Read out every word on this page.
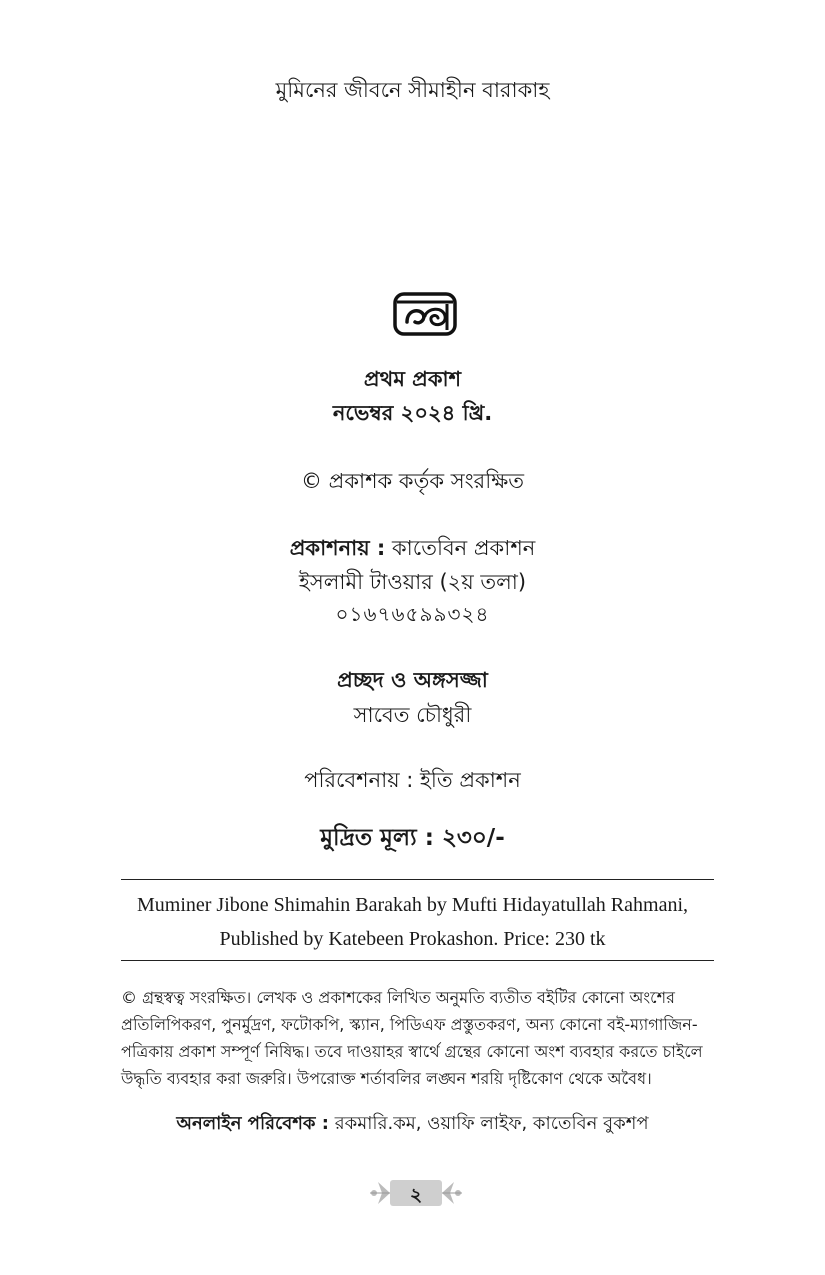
মুমিনের জীবনে সীমাহীন বারাকাহ
প্রথম প্রকাশ
নভেম্বর ২০২৪ খ্রি.
© প্রকাশক কর্তৃক সংরক্ষিত
প্রকাশনায় : কাতেবিন প্রকাশন
ইসলামী টাওয়ার (২য় তলা)
০১৬৭৬৫৯৯৩২৪
প্রচ্ছদ ও অঙ্গসজ্জা
সাবেত চৌধুরী
পরিবেশনায় : ইতি প্রকাশন
মুদ্রিত মূল্য : ২৩০/-
Muminer Jibone Shimahin Barakah by Mufti Hidayatullah Rahmani,
Published by Katebeen Prokashon. Price: 230 tk
© গ্রন্থস্বত্ব সংরক্ষিত। লেখক ও প্রকাশকের লিখিত অনুমতি ব্যতীত বইটির কোনো অংশের
প্রতিলিপিকরণ, পুনর্মুদ্রণ, ফটোকপি, স্ক্যান, পিডিএফ প্রস্তুতকরণ, অন্য কোনো বই-ম্যাগাজিন-
পত্রিকায় প্রকাশ সম্পূর্ণ নিষিদ্ধ। তবে দাওয়াহর স্বার্থে গ্রন্থের কোনো অংশ ব্যবহার করতে চাইলে
উদ্ধৃতি ব্যবহার করা জরুরি। উপরোক্ত শর্তাবলির লঙ্ঘন শরয়ি দৃষ্টিকোণ থেকে অবৈধ।
অনলাইন পরিবেশক : রকমারি.কম, ওয়াফি লাইফ, কাতেবিন বুকশপ
২
